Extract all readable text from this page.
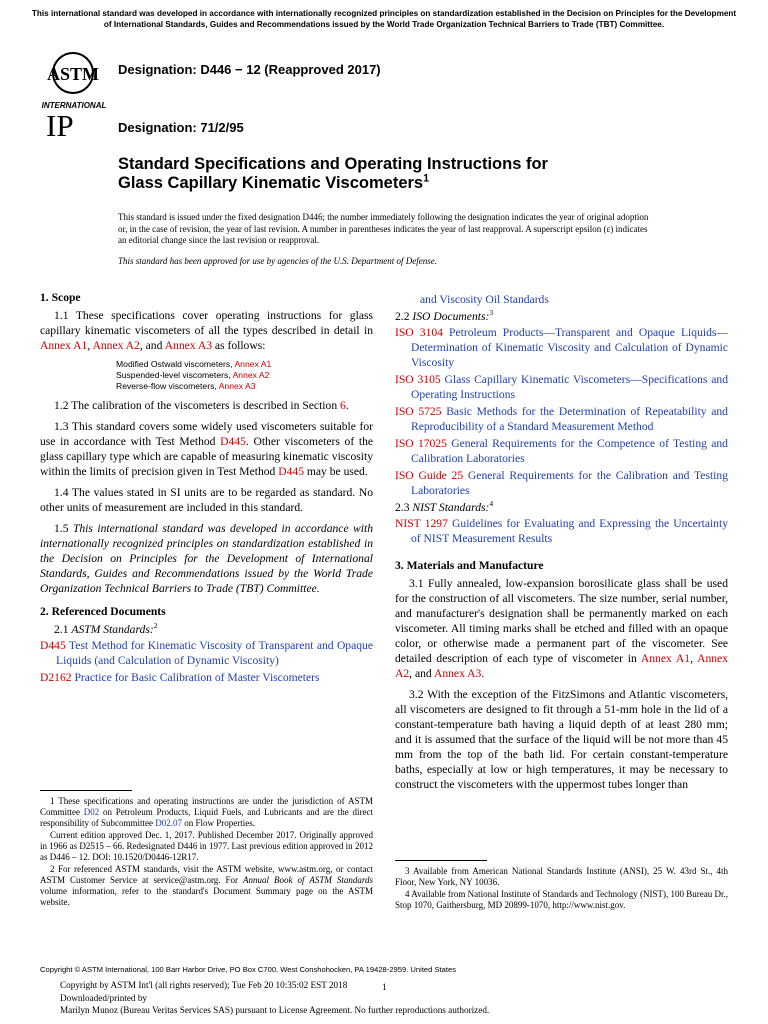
This international standard was developed in accordance with internationally recognized principles on standardization established in the Decision on Principles for the Development of International Standards, Guides and Recommendations issued by the World Trade Organization Technical Barriers to Trade (TBT) Committee.
ASTM
INTERNATIONAL
IP
Designation: D446 − 12 (Reapproved 2017)
Designation: 71/2/95
Standard Specifications and Operating Instructions for
Glass Capillary Kinematic Viscometers$^1$
This standard is issued under the fixed designation D446; the number immediately following the designation indicates the year of original adoption or, in the case of revision, the year of last revision. A number in parentheses indicates the year of last reapproval. A superscript epsilon (ε) indicates an editorial change since the last revision or reapproval.
This standard has been approved for use by agencies of the U.S. Department of Defense.
1. Scope

1.1 These specifications cover operating instructions for glass capillary kinematic viscometers of all the types described in detail in Annex A1, Annex A2, and Annex A3 as follows:

Modified Ostwald viscometers, Annex A1
Suspended-level viscometers, Annex A2
Reverse-flow viscometers, Annex A3

1.2 The calibration of the viscometers is described in Section 6.

1.3 This standard covers some widely used viscometers suitable for use in accordance with Test Method D445. Other viscometers of the glass capillary type which are capable of measuring kinematic viscosity within the limits of precision given in Test Method D445 may be used.

1.4 The values stated in SI units are to be regarded as standard. No other units of measurement are included in this standard.

1.5 This international standard was developed in accordance with internationally recognized principles on standardization established in the Decision on Principles for the Development of International Standards, Guides and Recommendations issued by the World Trade Organization Technical Barriers to Trade (TBT) Committee.

2. Referenced Documents
2.1 ASTM Standards:$^2$
D445 Test Method for Kinematic Viscosity of Transparent and Opaque Liquids (and Calculation of Dynamic Viscosity)
D2162 Practice for Basic Calibration of Master Viscometers

1 These specifications and operating instructions are under the jurisdiction of ASTM Committee D02 on Petroleum Products, Liquid Fuels, and Lubricants and are the direct responsibility of Subcommittee D02.07 on Flow Properties.

Current edition approved Dec. 1, 2017. Published December 2017. Originally approved in 1966 as D2515 – 66. Redesignated D446 in 1977. Last previous edition approved in 2012 as D446 – 12. DOI: 10.1520/D0446-12R17.

2 For referenced ASTM standards, visit the ASTM website, www.astm.org, or contact ASTM Customer Service at service@astm.org. For Annual Book of ASTM Standards volume information, refer to the standard's Document Summary page on the ASTM website.

and Viscosity Oil Standards
2.2 ISO Documents:$^3$
ISO 3104 Petroleum Products—Transparent and Opaque Liquids—Determination of Kinematic Viscosity and Calculation of Dynamic Viscosity
ISO 3105 Glass Capillary Kinematic Viscometers—Specifications and Operating Instructions
ISO 5725 Basic Methods for the Determination of Repeatability and Reproducibility of a Standard Measurement Method
ISO 17025 General Requirements for the Competence of Testing and Calibration Laboratories
ISO Guide 25 General Requirements for the Calibration and Testing Laboratories
2.3 NIST Standards:$^4$
NIST 1297 Guidelines for Evaluating and Expressing the Uncertainty of NIST Measurement Results
3. Materials and Manufacture

3.1 Fully annealed, low-expansion borosilicate glass shall be used for the construction of all viscometers. The size number, serial number, and manufacturer's designation shall be permanently marked on each viscometer. All timing marks shall be etched and filled with an opaque color, or otherwise made a permanent part of the viscometer. See detailed description of each type of viscometer in Annex A1, Annex A2, and Annex A3.

3.2 With the exception of the FitzSimons and Atlantic viscometers, all viscometers are designed to fit through a 51-mm hole in the lid of a constant-temperature bath having a liquid depth of at least 280 mm; and it is assumed that the surface of the liquid will be not more than 45 mm from the top of the bath lid. For certain constant-temperature baths, especially at low or high temperatures, it may be necessary to construct the viscometers with the uppermost tubes longer than

3 Available from American National Standards Institute (ANSI), 25 W. 43rd St., 4th Floor, New York, NY 10036.

4 Available from National Institute of Standards and Technology (NIST), 100 Bureau Dr., Stop 1070, Gaithersburg, MD 20899-1070, http://www.nist.gov.

Copyright © ASTM International, 100 Barr Harbor Drive, PO Box C700, West Conshohocken, PA 19428-2959. United States
Copyright by ASTM Int'l (all rights reserved); Tue Feb 20 10:35:02 EST 2018
Downloaded/printed by
Marilyn Munoz (Bureau Veritas Services SAS) pursuant to License Agreement. No further reproductions authorized.
1
